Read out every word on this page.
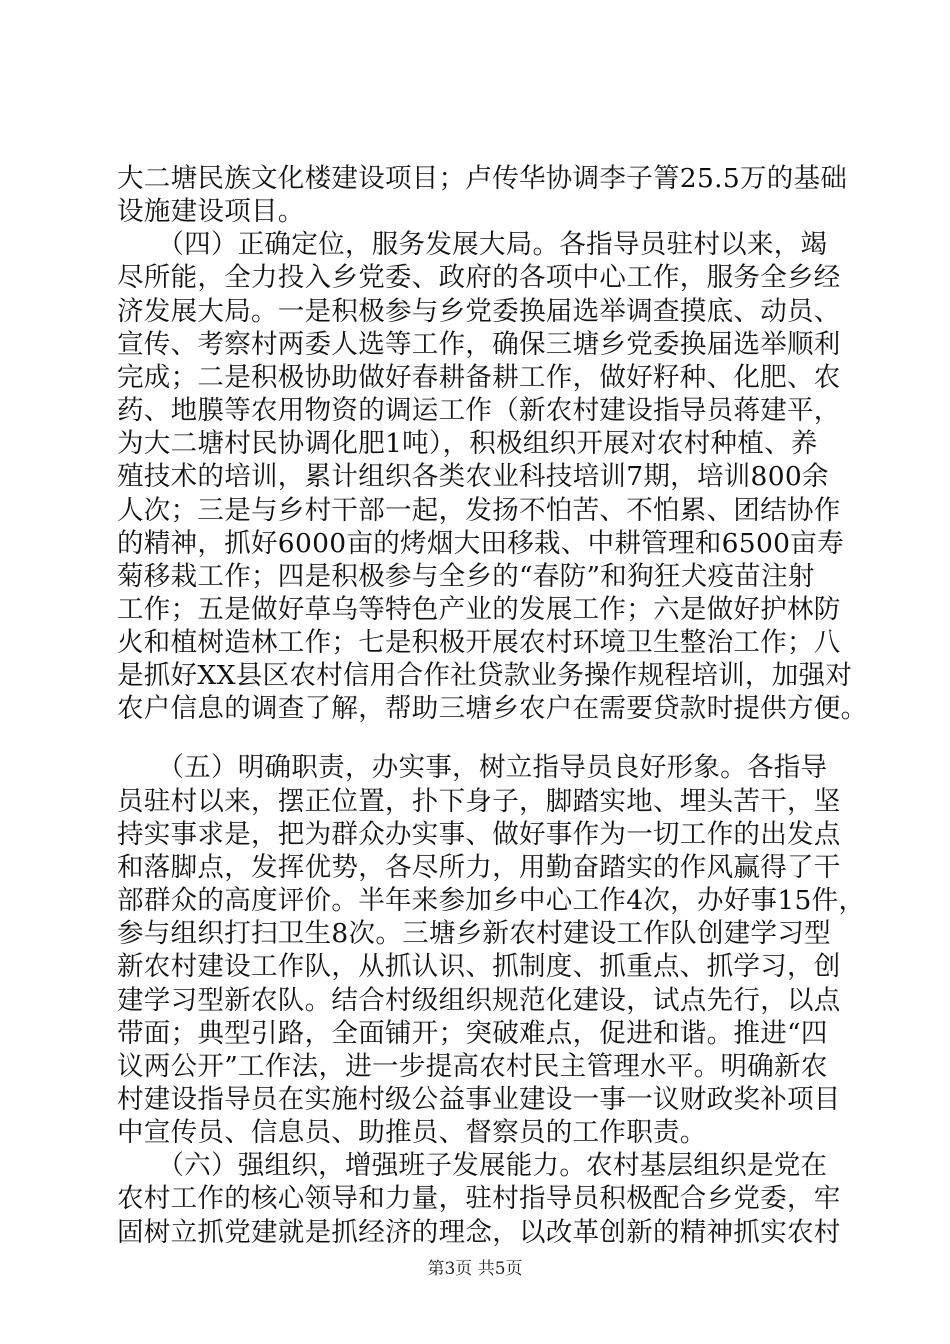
大二塘民族文化楼建设项目；卢传华协调李子箐25.5万的基础
设施建设项目。
　　（四）正确定位，服务发展大局。各指导员驻村以来，竭
尽所能，全力投入乡党委、政府的各项中心工作，服务全乡经
济发展大局。一是积极参与乡党委换届选举调查摸底、动员、
宣传、考察村两委人选等工作，确保三塘乡党委换届选举顺利
完成；二是积极协助做好春耕备耕工作，做好籽种、化肥、农
药、地膜等农用物资的调运工作（新农村建设指导员蒋建平，
为大二塘村民协调化肥1吨），积极组织开展对农村种植、养
殖技术的培训，累计组织各类农业科技培训7期，培训800余
人次；三是与乡村干部一起，发扬不怕苦、不怕累、团结协作
的精神，抓好6000亩的烤烟大田移栽、中耕管理和6500亩寿
菊移栽工作；四是积极参与全乡的“春防”和狗狂犬疫苗注射
工作；五是做好草乌等特色产业的发展工作；六是做好护林防
火和植树造林工作；七是积极开展农村环境卫生整治工作；八
是抓好XX县区农村信用合作社贷款业务操作规程培训，加强对
农户信息的调查了解，帮助三塘乡农户在需要贷款时提供方便。
　　（五）明确职责，办实事，树立指导员良好形象。各指导
员驻村以来，摆正位置，扑下身子，脚踏实地、埋头苦干，坚
持实事求是，把为群众办实事、做好事作为一切工作的出发点
和落脚点，发挥优势，各尽所力，用勤奋踏实的作风赢得了干
部群众的高度评价。半年来参加乡中心工作4次，办好事15件，
参与组织打扫卫生8次。三塘乡新农村建设工作队创建学习型
新农村建设工作队，从抓认识、抓制度、抓重点、抓学习，创
建学习型新农队。结合村级组织规范化建设，试点先行，以点
带面；典型引路，全面铺开；突破难点，促进和谐。推进“四
议两公开”工作法，进一步提高农村民主管理水平。明确新农
村建设指导员在实施村级公益事业建设一事一议财政奖补项目
中宣传员、信息员、助推员、督察员的工作职责。
　　（六）强组织，增强班子发展能力。农村基层组织是党在
农村工作的核心领导和力量，驻村指导员积极配合乡党委，牢
固树立抓党建就是抓经济的理念，以改革创新的精神抓实农村
第3页 共5页
